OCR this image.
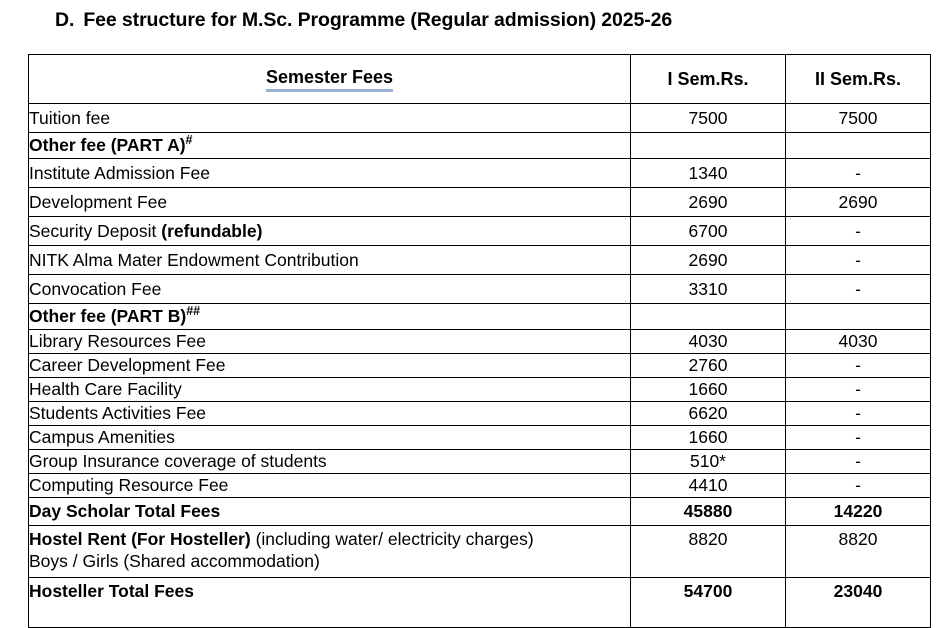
D. Fee structure for M.Sc. Programme (Regular admission) 2025-26
Semester Fees	I Sem.Rs.	II Sem.Rs.
Tuition fee	7500	7500
Other fee (PART A)#		
Institute Admission Fee	1340	-
Development Fee	2690	2690
Security Deposit (refundable)	6700	-
NITK Alma Mater Endowment Contribution	2690	-
Convocation Fee	3310	-
Other fee (PART B)##		
Library Resources Fee	4030	4030
Career Development Fee	2760	-
Health Care Facility	1660	-
Students Activities Fee	6620	-
Campus Amenities	1660	-
Group Insurance coverage of students	510*	-
Computing Resource Fee	4410	-
Day Scholar Total Fees	45880	14220
Hostel Rent (For Hosteller) (including water/ electricity charges)
Boys / Girls (Shared accommodation)	8820	8820
Hosteller Total Fees	54700	23040
